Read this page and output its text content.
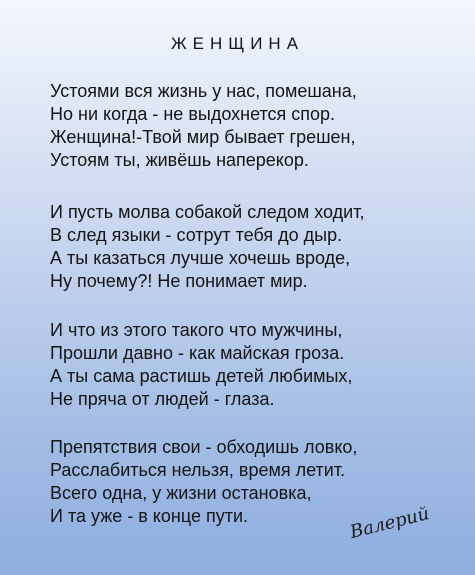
ЖЕНЩИНА
Устоями вся жизнь у нас, помешана,
Но ни когда - не выдохнется спор.
Женщина!-Твой мир бывает грешен,
Устоям ты, живёшь наперекор.
И пусть молва собакой следом ходит,
В след языки - сотрут тебя до дыр.
А ты казаться лучше хочешь вроде,
Ну почему?! Не понимает мир.
И что из этого такого что мужчины,
Прошли давно - как майская гроза.
А ты сама растишь детей любимых,
Не пряча от людей - глаза.
Препятствия свои - обходишь ловко,
Расслабиться нельзя, время летит.
Всего одна, у жизни остановка,
И та уже - в конце пути.	Валерий
